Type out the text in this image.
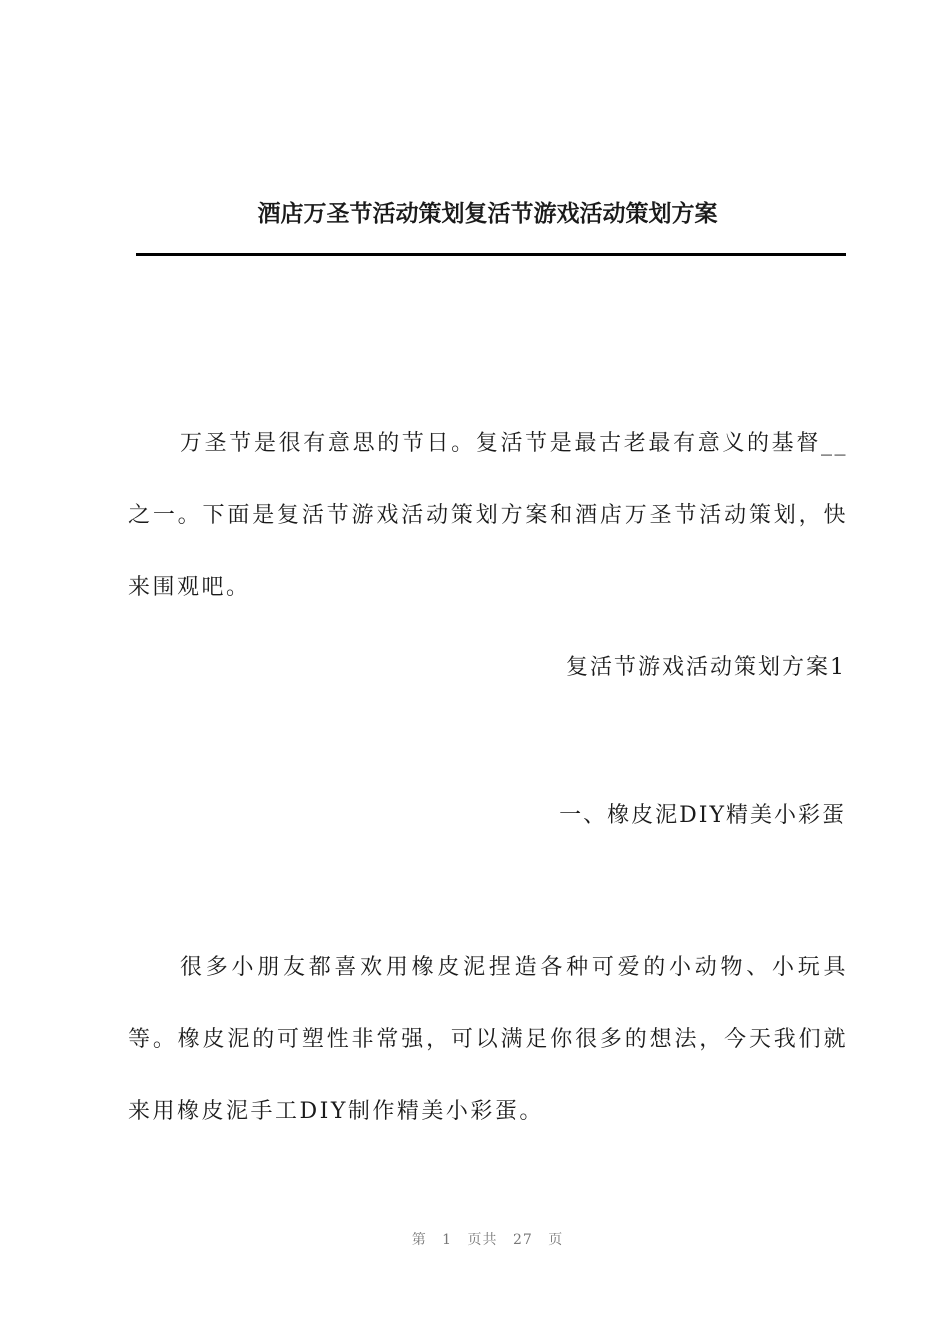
酒店万圣节活动策划复活节游戏活动策划方案

万圣节是很有意思的节日。复活节是最古老最有意义的基督__之一。下面是复活节游戏活动策划方案和酒店万圣节活动策划，快来围观吧。

复活节游戏活动策划方案1

一、橡皮泥DIY精美小彩蛋

很多小朋友都喜欢用橡皮泥捏造各种可爱的小动物、小玩具等。橡皮泥的可塑性非常强，可以满足你很多的想法，今天我们就来用橡皮泥手工DIY制作精美小彩蛋。

第 1 页共 27 页
